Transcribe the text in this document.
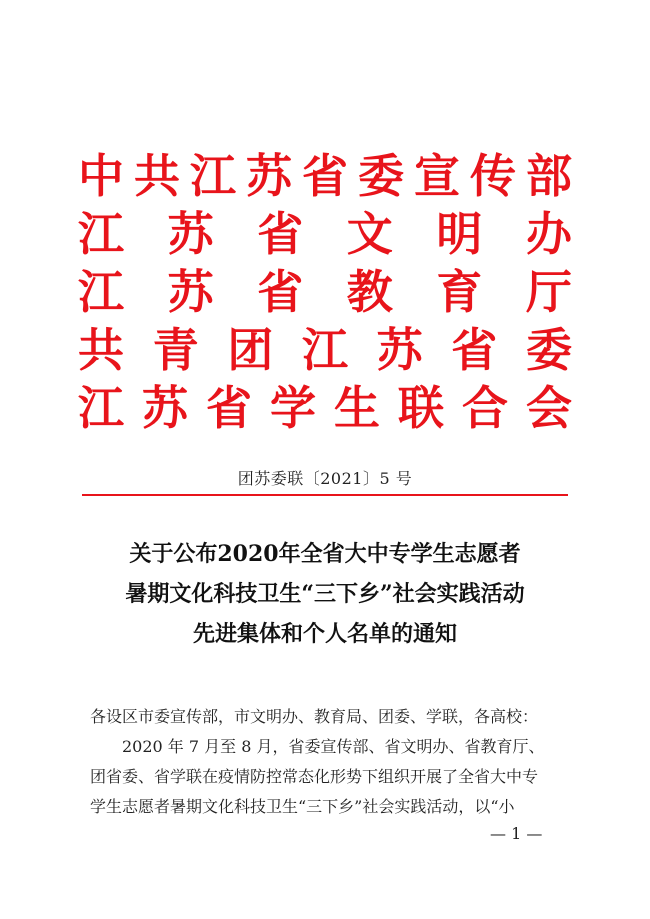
中 共 江 苏 省 委 宣 传 部
江 苏 省 文 明 办
江 苏 省 教 育 厅
共 青 团 江 苏 省 委
江 苏 省 学 生 联 合 会
团苏委联〔2021〕5 号
关于公布2020年全省大中专学生志愿者
暑期文化科技卫生“三下乡”社会实践活动
先进集体和个人名单的通知

各设区市委宣传部，市文明办、教育局、团委、学联，各高校：

2020 年 7 月至 8 月，省委宣传部、省文明办、省教育厅、

团省委、省学联在疫情防控常态化形势下组织开展了全省大中专

学生志愿者暑期文化科技卫生“三下乡”社会实践活动，以“小

— 1 —
